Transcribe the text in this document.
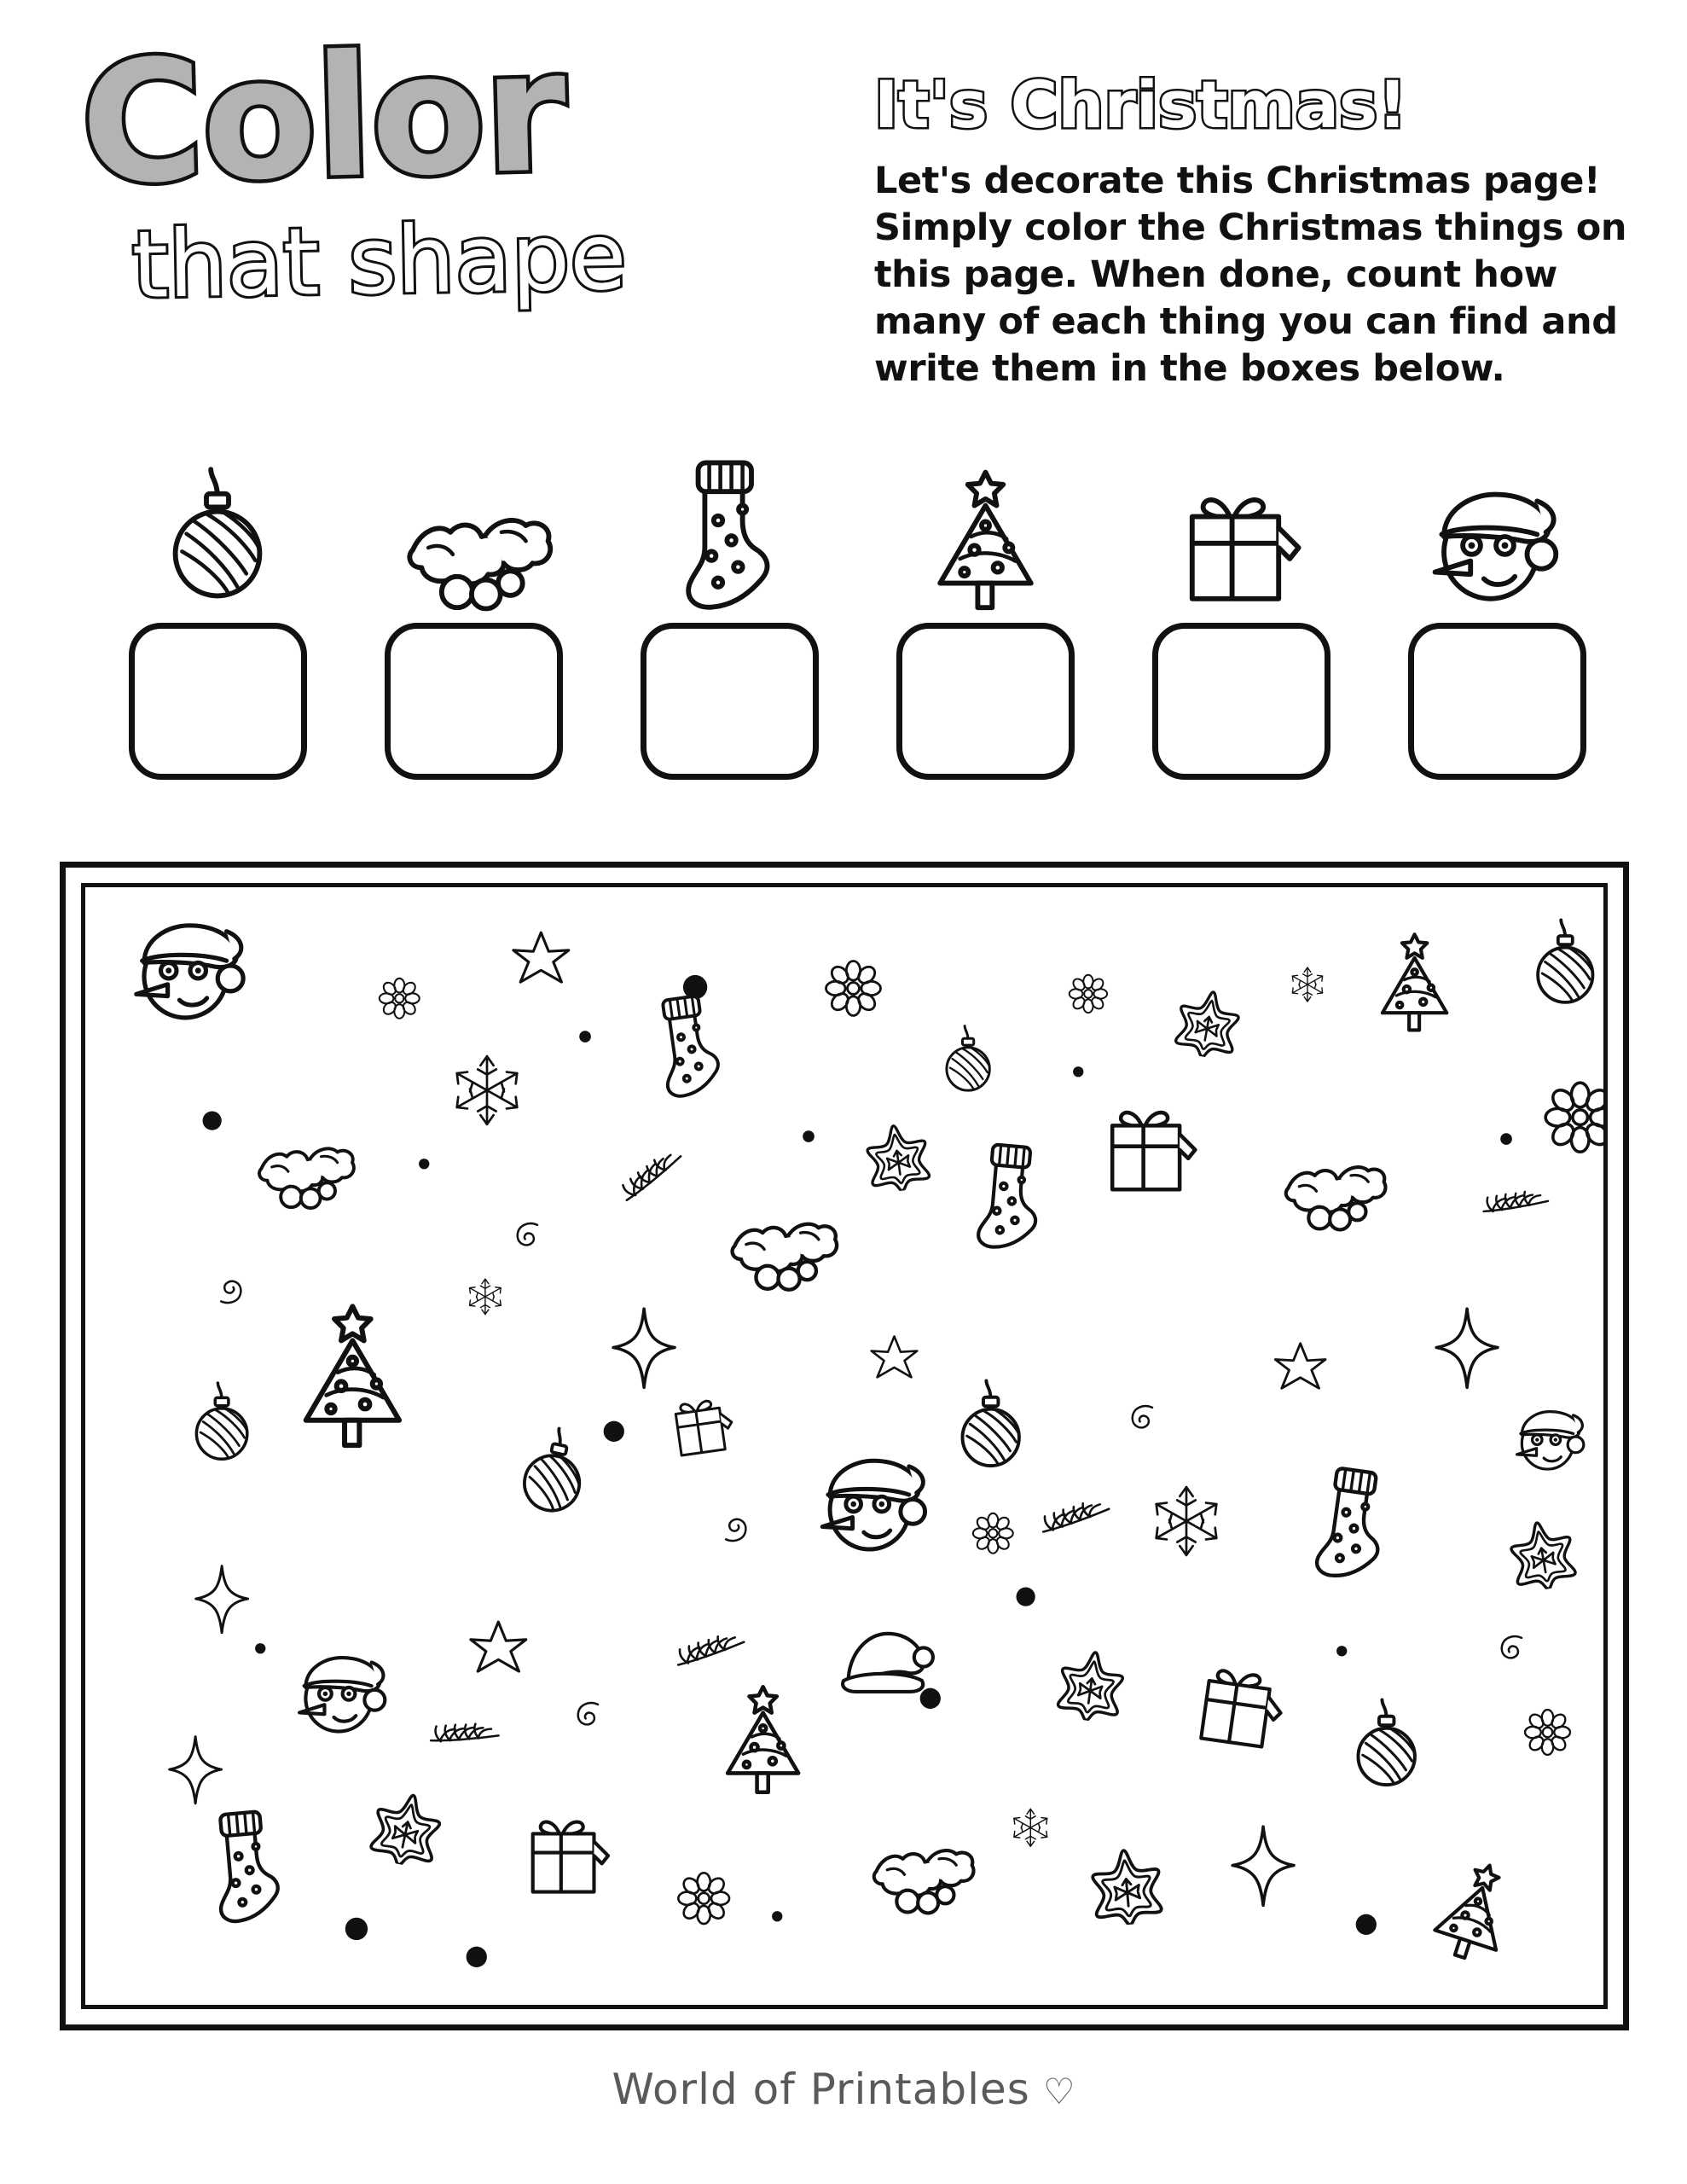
Color
that shape
It's Christmas!
Let's decorate this Christmas page! Simply color the Christmas things on this page. When done, count how many of each thing you can find and write them in the boxes below.
World of Printables ♡
